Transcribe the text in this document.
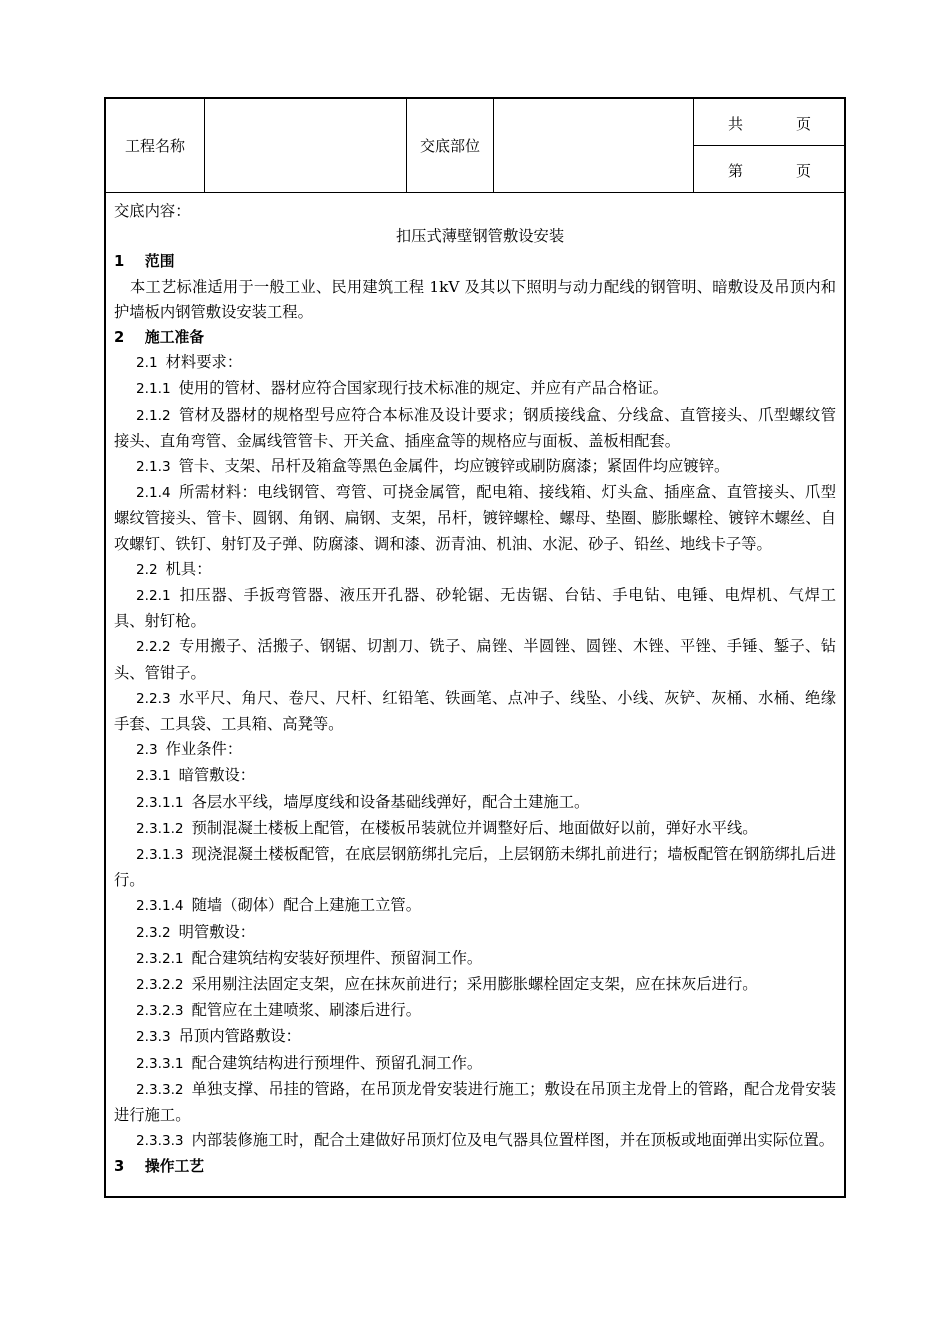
工程名称	交底部位
共	页
第	页
交底内容：
扣压式薄壁钢管敷设安装
1 范围

本工艺标准适用于一般工业、民用建筑工程 1kV 及其以下照明与动力配线的钢管明、暗敷设及吊顶内和护墙板内钢管敷设安装工程。

2 施工准备

2.1 材料要求：

2.1.1 使用的管材、器材应符合国家现行技术标准的规定、并应有产品合格证。

2.1.2 管材及器材的规格型号应符合本标准及设计要求；钢质接线盒、分线盒、直管接头、爪型螺纹管接头、直角弯管、金属线管管卡、开关盒、插座盒等的规格应与面板、盖板相配套。

2.1.3 管卡、支架、吊杆及箱盒等黑色金属件，均应镀锌或刷防腐漆；紧固件均应镀锌。

2.1.4 所需材料：电线钢管、弯管、可挠金属管，配电箱、接线箱、灯头盒、插座盒、直管接头、爪型螺纹管接头、管卡、圆钢、角钢、扁钢、支架，吊杆，镀锌螺栓、螺母、垫圈、膨胀螺栓、镀锌木螺丝、自攻螺钉、铁钉、射钉及子弹、防腐漆、调和漆、沥青油、机油、水泥、砂子、铅丝、地线卡子等。

2.2 机具：

2.2.1 扣压器、手扳弯管器、液压开孔器、砂轮锯、无齿锯、台钻、手电钻、电锤、电焊机、气焊工具、射钉枪。

2.2.2 专用搬子、活搬子、钢锯、切割刀、铣子、扁锉、半圆锉、圆锉、木锉、平锉、手锤、錾子、钻头、管钳子。

2.2.3 水平尺、角尺、卷尺、尺杆、红铅笔、铁画笔、点冲子、线坠、小线、灰铲、灰桶、水桶、绝缘手套、工具袋、工具箱、高凳等。

2.3 作业条件：

2.3.1 暗管敷设：

2.3.1.1 各层水平线，墙厚度线和设备基础线弹好，配合土建施工。

2.3.1.2 预制混凝土楼板上配管，在楼板吊装就位并调整好后、地面做好以前，弹好水平线。

2.3.1.3 现浇混凝土楼板配管，在底层钢筋绑扎完后，上层钢筋未绑扎前进行；墙板配管在钢筋绑扎后进行。

2.3.1.4 随墙（砌体）配合上建施工立管。

2.3.2 明管敷设：

2.3.2.1 配合建筑结构安装好预埋件、预留洞工作。

2.3.2.2 采用剔注法固定支架，应在抹灰前进行；采用膨胀螺栓固定支架，应在抹灰后进行。

2.3.2.3 配管应在土建喷浆、刷漆后进行。

2.3.3 吊顶内管路敷设：

2.3.3.1 配合建筑结构进行预埋件、预留孔洞工作。

2.3.3.2 单独支撑、吊挂的管路，在吊顶龙骨安装进行施工；敷设在吊顶主龙骨上的管路，配合龙骨安装进行施工。

2.3.3.3 内部装修施工时，配合土建做好吊顶灯位及电气器具位置样图，并在顶板或地面弹出实际位置。

3 操作工艺
